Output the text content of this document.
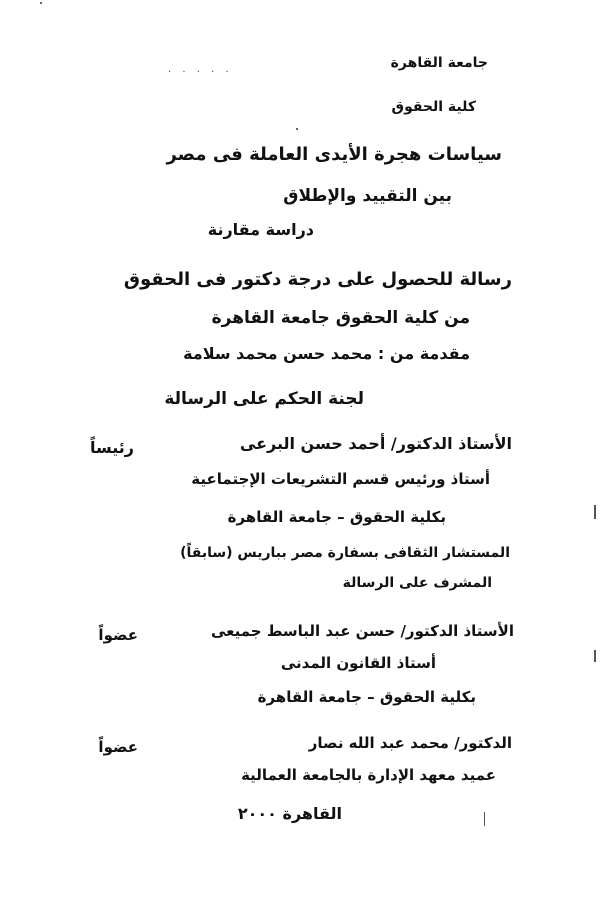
. . . . .	جامعة القاهرة
كلية الحقوق
سياسات هجرة الأيدى العاملة فى مصر
بين التقييد والإطلاق
دراسة مقارنة
رسالة للحصول على درجة دكتور فى الحقوق
من كلية الحقوق جامعة القاهرة
مقدمة من : محمد حسن محمد سلامة
لجنة الحكم على الرسالة
الأستاذ الدكتور/ أحمد حسن البرعى
رئيساً
أستاذ ورئيس قسم التشريعات الإجتماعية
بكلية الحقوق – جامعة القاهرة
المستشار الثقافى بسفارة مصر بباريس (سابقاً)
المشرف على الرسالة
الأستاذ الدكتور/ حسن عبد الباسط جميعى
عضواً
أستاذ القانون المدنى
بكلية الحقوق – جامعة القاهرة
الدكتور/ محمد عبد الله نصار
عضواً
عميد معهد الإدارة بالجامعة العمالية
القاهرة ٢٠٠٠
